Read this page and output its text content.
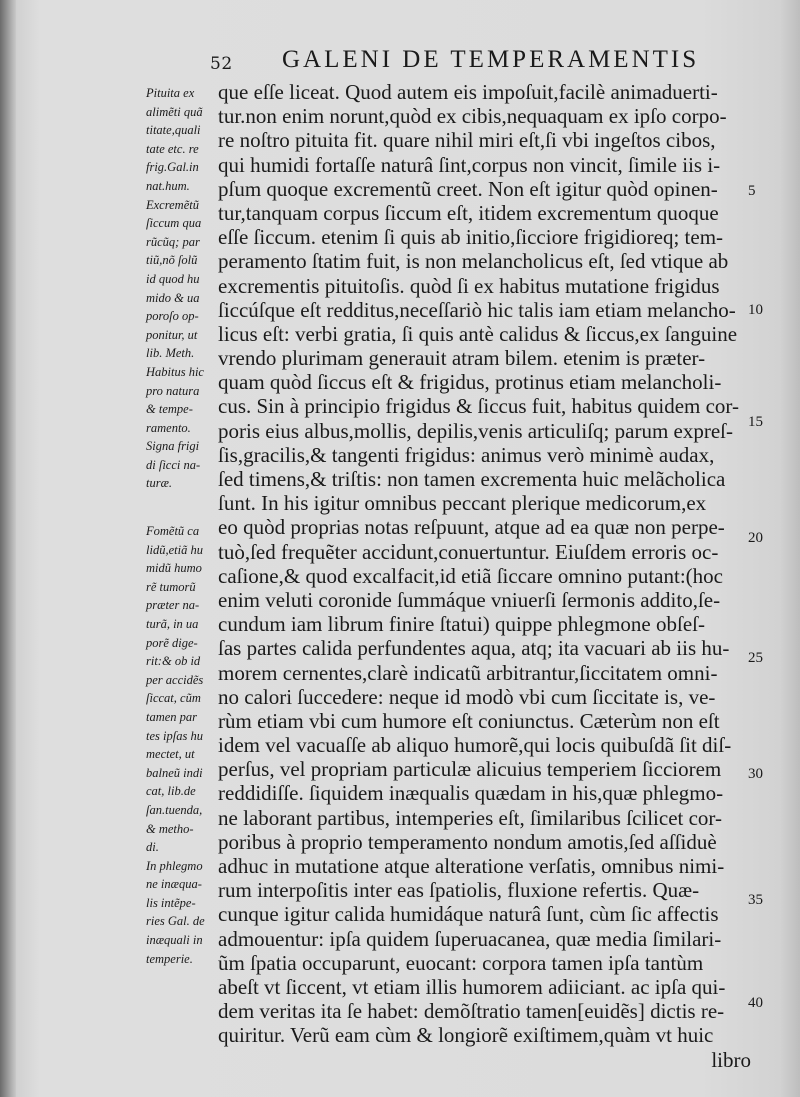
52 GALENI DE TEMPERAMENTIS
Pituita ex
alimẽti quã
titate,quali
tate etc. re
frig.Gal.in
nat.hum.
Excremẽtũ
ſiccum qua
rũcũq; par
tiũ,nõ ſolũ
id quod hu
mido & ua
poroſo op-
ponitur, ut
lib. Meth.
Habitus hic
pro natura
& tempe-
ramento.
Signa frigi
di ſicci na-
turæ.
Fomẽtũ ca
lidũ,etiã hu
midũ humo
rẽ tumorũ
præter na-
turã, in ua
porẽ dige-
rit:& ob id
per accidẽs
ſiccat, cũm
tamen par
tes ipſas hu
mectet, ut
balneũ indi
cat, lib.de
ſan.tuenda,
& metho-
di.
In phlegmo
ne inæqua-
lis intẽpe-
ries Gal. de
inæquali in
temperie.
que eſſe liceat. Quod autem eis impoſuit,facilè animaduerti-
tur.non enim norunt,quòd ex cibis,nequaquam ex ipſo corpo-
re noſtro pituita fit. quare nihil miri eſt,ſi vbi ingeſtos cibos,
qui humidi fortaſſe naturâ ſint,corpus non vincit, ſimile iis i-
pſum quoque excrementũ creet. Non eſt igitur quòd opinen-
tur,tanquam corpus ſiccum eſt, itidem excrementum quoque
eſſe ſiccum. etenim ſi quis ab initio,ſicciore frigidioreq; tem-
peramento ſtatim fuit, is non melancholicus eſt, ſed vtique ab
excrementis pituitoſis. quòd ſi ex habitus mutatione frigidus
ſiccúſque eſt redditus,neceſſariò hic talis iam etiam melancho-
licus eſt: verbi gratia, ſi quis antè calidus & ſiccus,ex ſanguine
vrendo plurimam generauit atram bilem. etenim is præter-
quam quòd ſiccus eſt & frigidus, protinus etiam melancholi-
cus. Sin à principio frigidus & ſiccus fuit, habitus quidem cor-
poris eius albus,mollis, depilis,venis articuliſq; parum expreſ-
ſis,gracilis,& tangenti frigidus: animus verò minimè audax,
ſed timens,& triſtis: non tamen excrementa huic melãcholica
ſunt. In his igitur omnibus peccant plerique medicorum,ex
eo quòd proprias notas reſpuunt, atque ad ea quæ non perpe-
tuò,ſed frequẽter accidunt,conuertuntur. Eiuſdem erroris oc-
caſione,& quod excalfacit,id etiã ſiccare omnino putant:(hoc
enim veluti coronide ſummáque vniuerſi ſermonis addito,ſe-
cundum iam librum finire ſtatui) quippe phlegmone obſeſ-
ſas partes calida perfundentes aqua, atq; ita vacuari ab iis hu-
morem cernentes,clarè indicatũ arbitrantur,ſiccitatem omni-
no calori ſuccedere: neque id modò vbi cum ſiccitate is, ve-
rùm etiam vbi cum humore eſt coniunctus. Cæterùm non eſt
idem vel vacuaſſe ab aliquo humorẽ,qui locis quibuſdã ſit diſ-
perſus, vel propriam particulæ alicuius temperiem ſicciorem
reddidiſſe. ſiquidem inæqualis quædam in his,quæ phlegmo-
ne laborant partibus, intemperies eſt, ſimilaribus ſcilicet cor-
poribus à proprio temperamento nondum amotis,ſed aſſiduè
adhuc in mutatione atque alteratione verſatis, omnibus nimi-
rum interpoſitis inter eas ſpatiolis, fluxione refertis. Quæ-
cunque igitur calida humidáque naturâ ſunt, cùm ſic affectis
admouentur: ipſa quidem ſuperuacanea, quæ media ſimilari-
ũm ſpatia occuparunt, euocant: corpora tamen ipſa tantùm
abeſt vt ſiccent, vt etiam illis humorem adiiciant. ac ipſa qui-
dem veritas ita ſe habet: demõſtratio tamen[euidẽs] dictis re-
quiritur. Verũ eam cùm & longiorẽ exiſtimem,quàm vt huic
libro
5
10
15
20
25
30
35
40
